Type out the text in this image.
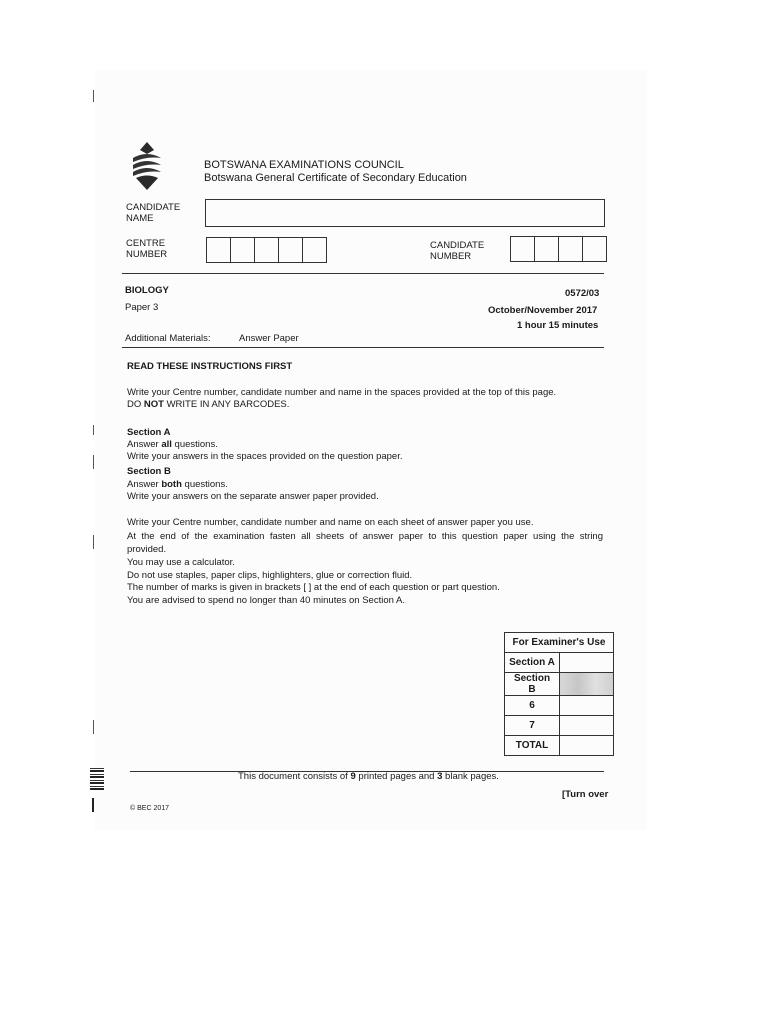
BOTSWANA EXAMINATIONS COUNCIL
Botswana General Certificate of Secondary Education
CANDIDATE
NAME
CENTRE
NUMBER
CANDIDATE
NUMBER
BIOLOGY	0572/03
Paper 3	October/November 2017
1 hour 15 minutes
Additional Materials:	Answer Paper
READ THESE INSTRUCTIONS FIRST
Write your Centre number, candidate number and name in the spaces provided at the top of this page.
DO NOT WRITE IN ANY BARCODES.
Section A
Answer all questions.
Write your answers in the spaces provided on the question paper.
Section B
Answer both questions.
Write your answers on the separate answer paper provided.
Write your Centre number, candidate number and name on each sheet of answer paper you use.
At the end of the examination fasten all sheets of answer paper to this question paper using the string
provided.
You may use a calculator.
Do not use staples, paper clips, highlighters, glue or correction fluid.
The number of marks is given in brackets [ ] at the end of each question or part question.
You are advised to spend no longer than 40 minutes on Section A.
For Examiner's Use	
Section A	
Section B	
6	
7	
TOTAL	
This document consists of 9 printed pages and 3 blank pages.
[Turn over
© BEC 2017
